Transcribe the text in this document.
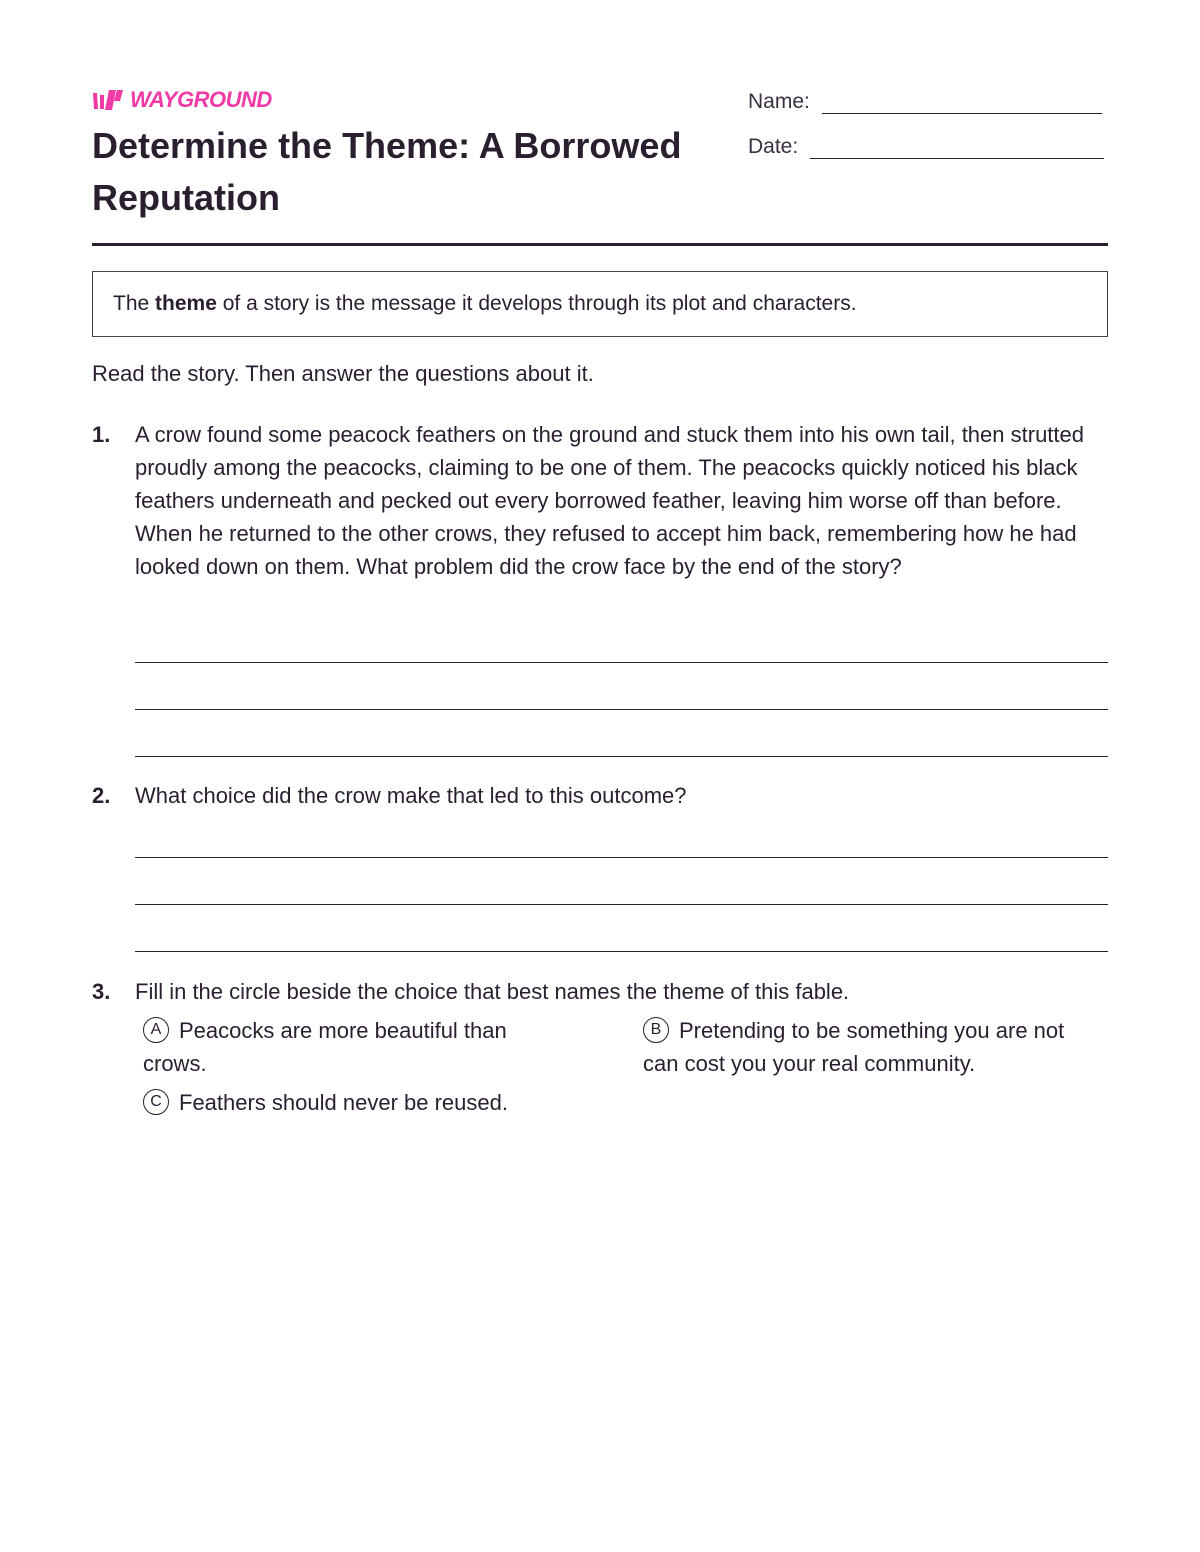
WAYGROUND
Determine the Theme: A Borrowed Reputation
Name:
Date:
The theme of a story is the message it develops through its plot and characters.
Read the story. Then answer the questions about it.
1. A crow found some peacock feathers on the ground and stuck them into his own tail, then strutted proudly among the peacocks, claiming to be one of them. The peacocks quickly noticed his black feathers underneath and pecked out every borrowed feather, leaving him worse off than before. When he returned to the other crows, they refused to accept him back, remembering how he had looked down on them. What problem did the crow face by the end of the story?
2. What choice did the crow make that led to this outcome?
3. Fill in the circle beside the choice that best names the theme of this fable.
A Peacocks are more beautiful than crows.
B Pretending to be something you are not can cost you your real community.
C Feathers should never be reused.
